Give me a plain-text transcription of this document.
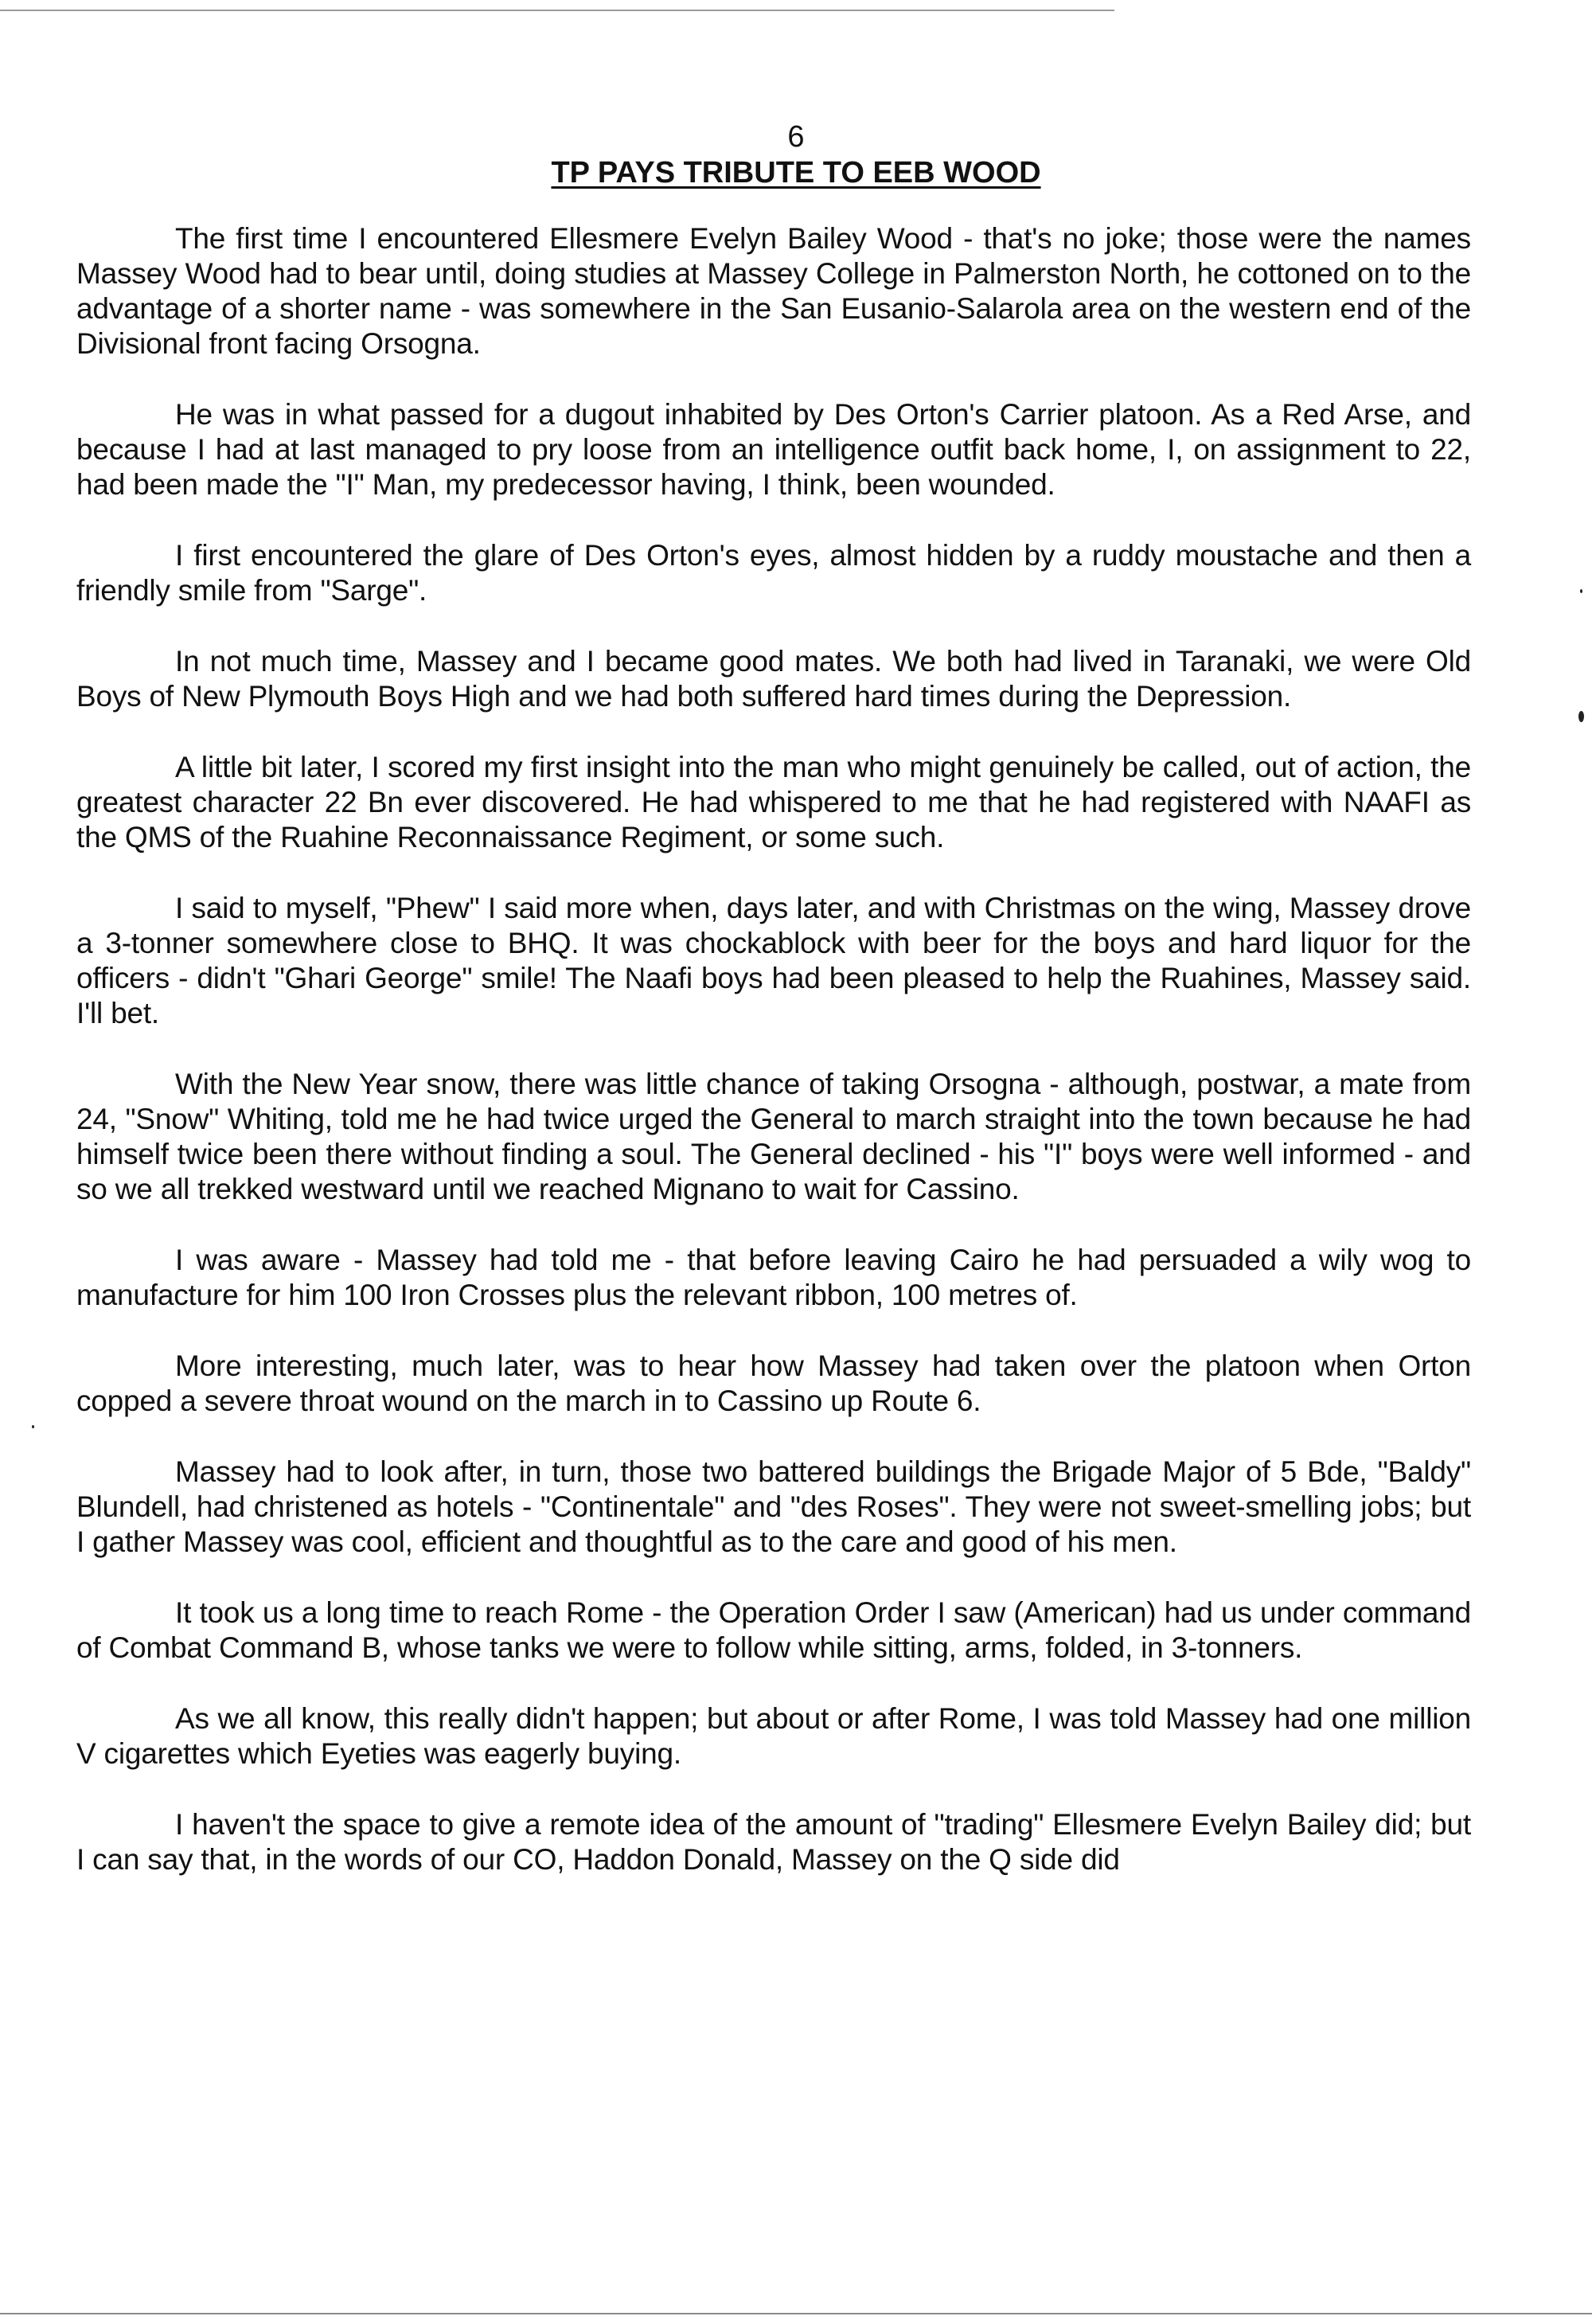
6
TP PAYS TRIBUTE TO EEB WOOD

The first time I encountered Ellesmere Evelyn Bailey Wood - that's no joke; those were the names Massey Wood had to bear until, doing studies at Massey College in Palmerston North, he cottoned on to the advantage of a shorter name - was somewhere in the San Eusanio-Salarola area on the western end of the Divisional front facing Orsogna.

He was in what passed for a dugout inhabited by Des Orton's Carrier platoon. As a Red Arse, and because I had at last managed to pry loose from an intelligence outfit back home, I, on assignment to 22, had been made the "I" Man, my predecessor having, I think, been wounded.

I first encountered the glare of Des Orton's eyes, almost hidden by a ruddy moustache and then a friendly smile from "Sarge".

In not much time, Massey and I became good mates. We both had lived in Taranaki, we were Old Boys of New Plymouth Boys High and we had both suffered hard times during the Depression.

A little bit later, I scored my first insight into the man who might genuinely be called, out of action, the greatest character 22 Bn ever discovered. He had whispered to me that he had registered with NAAFI as the QMS of the Ruahine Reconnaissance Regiment, or some such.

I said to myself, "Phew" I said more when, days later, and with Christmas on the wing, Massey drove a 3-tonner somewhere close to BHQ. It was chockablock with beer for the boys and hard liquor for the officers - didn't "Ghari George" smile! The Naafi boys had been pleased to help the Ruahines, Massey said. I'll bet.

With the New Year snow, there was little chance of taking Orsogna - although, postwar, a mate from 24, "Snow" Whiting, told me he had twice urged the General to march straight into the town because he had himself twice been there without finding a soul. The General declined - his "I" boys were well informed - and so we all trekked westward until we reached Mignano to wait for Cassino.

I was aware - Massey had told me - that before leaving Cairo he had persuaded a wily wog to manufacture for him 100 Iron Crosses plus the relevant ribbon, 100 metres of.

More interesting, much later, was to hear how Massey had taken over the platoon when Orton copped a severe throat wound on the march in to Cassino up Route 6.

Massey had to look after, in turn, those two battered buildings the Brigade Major of 5 Bde, "Baldy" Blundell, had christened as hotels - "Continentale" and "des Roses". They were not sweet-smelling jobs; but I gather Massey was cool, efficient and thoughtful as to the care and good of his men.

It took us a long time to reach Rome - the Operation Order I saw (American) had us under command of Combat Command B, whose tanks we were to follow while sitting, arms, folded, in 3-tonners.

As we all know, this really didn't happen; but about or after Rome, I was told Massey had one million V cigarettes which Eyeties was eagerly buying.

I haven't the space to give a remote idea of the amount of "trading" Ellesmere Evelyn Bailey did; but I can say that, in the words of our CO, Haddon Donald, Massey on the Q side did
